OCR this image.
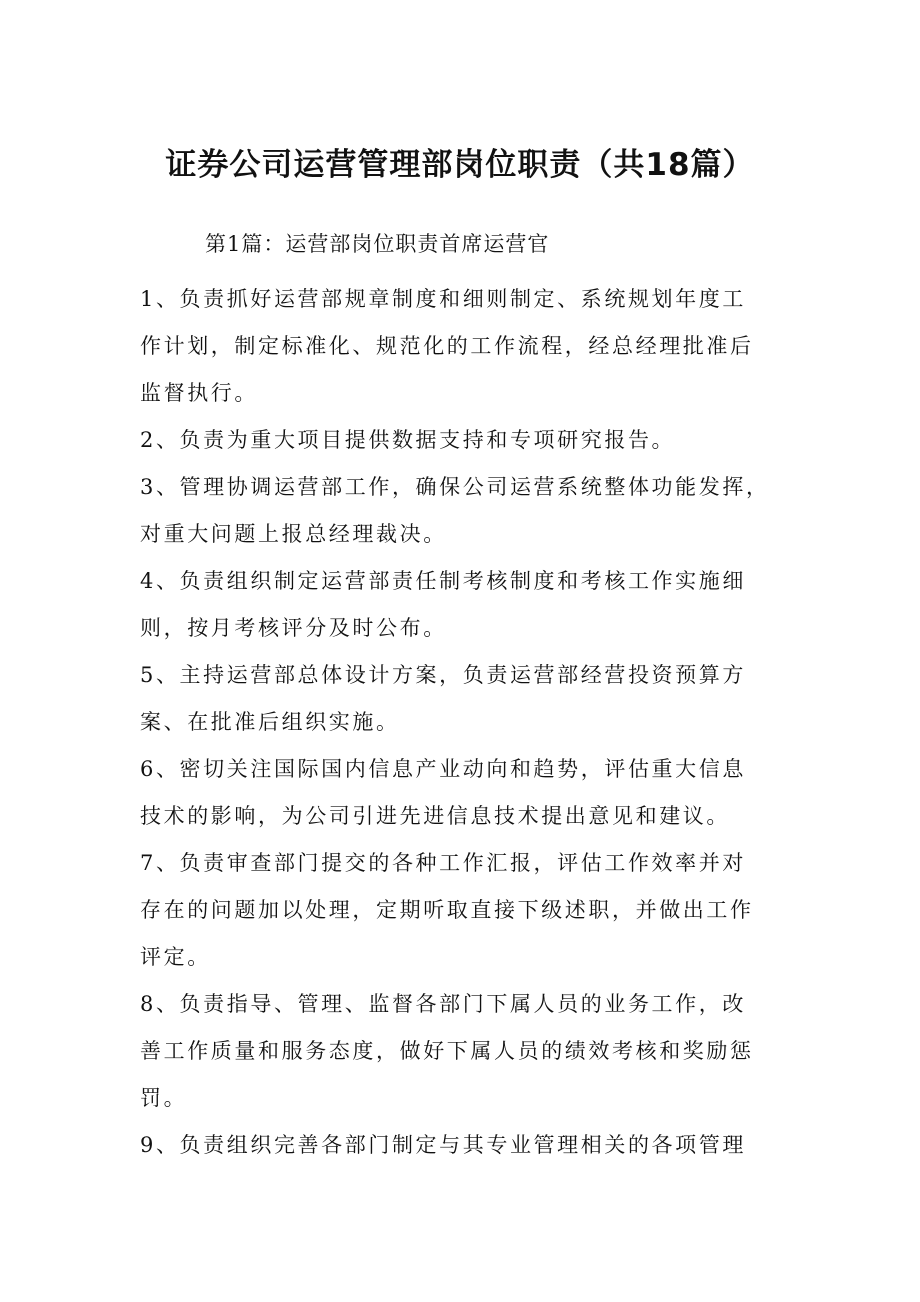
证券公司运营管理部岗位职责（共18篇）

第1篇：运营部岗位职责首席运营官

1、负责抓好运营部规章制度和细则制定、系统规划年度工
作计划，制定标准化、规范化的工作流程，经总经理批准后
监督执行。
2、负责为重大项目提供数据支持和专项研究报告。
3、管理协调运营部工作，确保公司运营系统整体功能发挥，
对重大问题上报总经理裁决。
4、负责组织制定运营部责任制考核制度和考核工作实施细
则，按月考核评分及时公布。
5、主持运营部总体设计方案，负责运营部经营投资预算方
案、在批准后组织实施。
6、密切关注国际国内信息产业动向和趋势，评估重大信息
技术的影响，为公司引进先进信息技术提出意见和建议。
7、负责审查部门提交的各种工作汇报，评估工作效率并对
存在的问题加以处理，定期听取直接下级述职，并做出工作
评定。
8、负责指导、管理、监督各部门下属人员的业务工作，改
善工作质量和服务态度，做好下属人员的绩效考核和奖励惩
罚。
9、负责组织完善各部门制定与其专业管理相关的各项管理
